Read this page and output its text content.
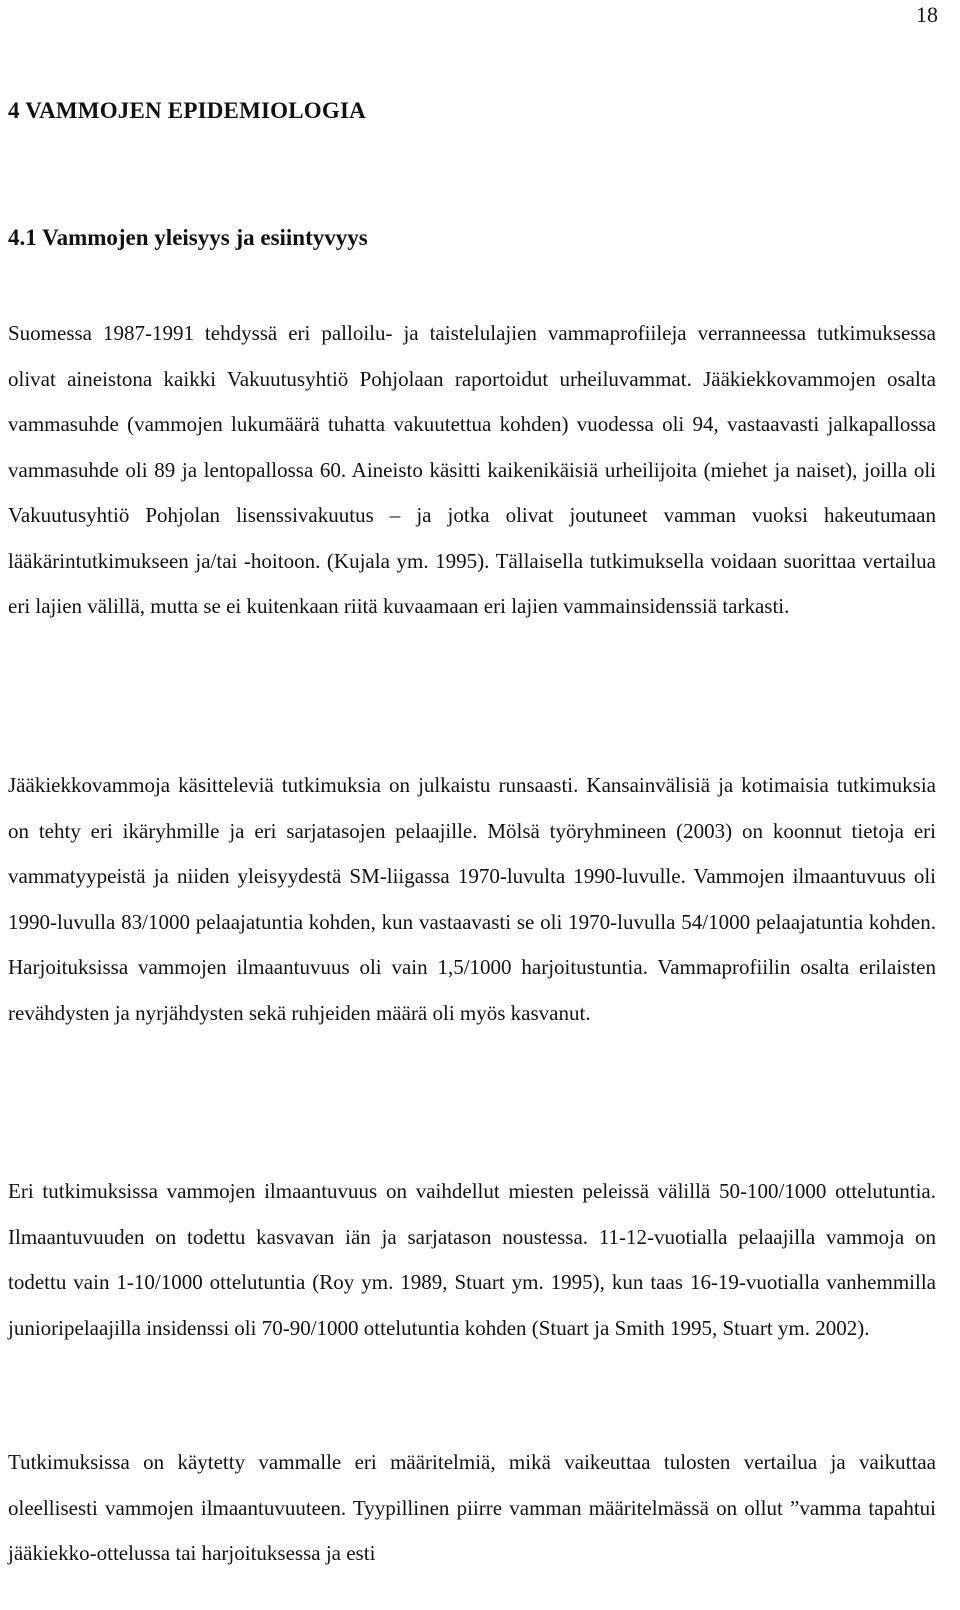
18
4 VAMMOJEN EPIDEMIOLOGIA
4.1 Vammojen yleisyys ja esiintyvyys

Suomessa 1987-1991 tehdyssä eri palloilu- ja taistelulajien vammaprofiileja verranneessa tutkimuksessa olivat aineistona kaikki Vakuutusyhtiö Pohjolaan raportoidut urheiluvammat. Jääkiekkovammojen osalta vammasuhde (vammojen lukumäärä tuhatta vakuutettua kohden) vuodessa oli 94, vastaavasti jalkapallossa vammasuhde oli 89 ja lentopallossa 60. Aineisto käsitti kaikenikäisiä urheilijoita (miehet ja naiset), joilla oli Vakuutusyhtiö Pohjolan lisenssivakuutus – ja jotka olivat joutuneet vamman vuoksi hakeutumaan lääkärintutkimukseen ja/tai -hoitoon. (Kujala ym. 1995). Tällaisella tutkimuksella voidaan suorittaa vertailua eri lajien välillä, mutta se ei kuitenkaan riitä kuvaamaan eri lajien vammainsidenssiä tarkasti.

Jääkiekkovammoja käsitteleviä tutkimuksia on julkaistu runsaasti. Kansainvälisiä ja kotimaisia tutkimuksia on tehty eri ikäryhmille ja eri sarjatasojen pelaajille. Mölsä työryhmineen (2003) on koonnut tietoja eri vammatyypeistä ja niiden yleisyydestä SM-liigassa 1970-luvulta 1990-luvulle. Vammojen ilmaantuvuus oli 1990-luvulla 83/1000 pelaajatuntia kohden, kun vastaavasti se oli 1970-luvulla 54/1000 pelaajatuntia kohden. Harjoituksissa vammojen ilmaantuvuus oli vain 1,5/1000 harjoitustuntia. Vammaprofiilin osalta erilaisten revähdysten ja nyrjähdysten sekä ruhjeiden määrä oli myös kasvanut.

Eri tutkimuksissa vammojen ilmaantuvuus on vaihdellut miesten peleissä välillä 50-100/1000 ottelutuntia. Ilmaantuvuuden on todettu kasvavan iän ja sarjatason noustessa. 11-12-vuotialla pelaajilla vammoja on todettu vain 1-10/1000 ottelutuntia (Roy ym. 1989, Stuart ym. 1995), kun taas 16-19-vuotialla vanhemmilla junioripelaajilla insidenssi oli 70-90/1000 ottelutuntia kohden (Stuart ja Smith 1995, Stuart ym. 2002).

Tutkimuksissa on käytetty vammalle eri määritelmiä, mikä vaikeuttaa tulosten vertailua ja vaikuttaa oleellisesti vammojen ilmaantuvuuteen. Tyypillinen piirre vamman määritelmässä on ollut ”vamma tapahtui jääkiekko-ottelussa tai harjoituksessa ja esti
